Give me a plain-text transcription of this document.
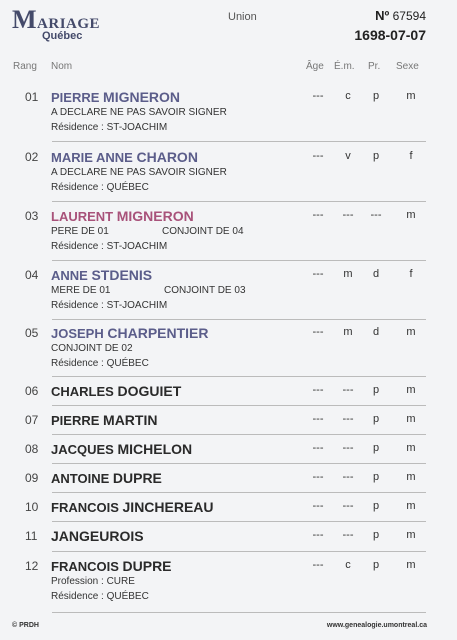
Mariage
Québec
Union	Nº 67594
1698-07-07
Rang Nom	Âge É.m. Pr. Sexe
01 PIERRE MIGNERON
A DECLARE NE PAS SAVOIR SIGNER
Résidence : ST-JOACHIM
---	c	p	m
02 MARIE ANNE CHARON
A DECLARE NE PAS SAVOIR SIGNER
Résidence : QUÉBEC
---	v	p	f
03 LAURENT MIGNERON
PERE DE 01	CONJOINT DE 04
Résidence : ST-JOACHIM
---	---	---	m
04 ANNE STDENIS
MERE DE 01	CONJOINT DE 03
Résidence : ST-JOACHIM
---	m	d	f
05 JOSEPH CHARPENTIER
CONJOINT DE 02
Résidence : QUÉBEC
---	m	d	m
06 CHARLES DOGUIET	---	---	p	m
07 PIERRE MARTIN	---	---	p	m
08 JACQUES MICHELON	---	---	p	m
09 ANTOINE DUPRE	---	---	p	m
10 FRANCOIS JINCHEREAU	---	---	p	m
11 JANGEUROIS	---	---	p	m
12 FRANCOIS DUPRE
Profession : CURE
Résidence : QUÉBEC
---	c	p	m
© PRDH	www.genealogie.umontreal.ca
